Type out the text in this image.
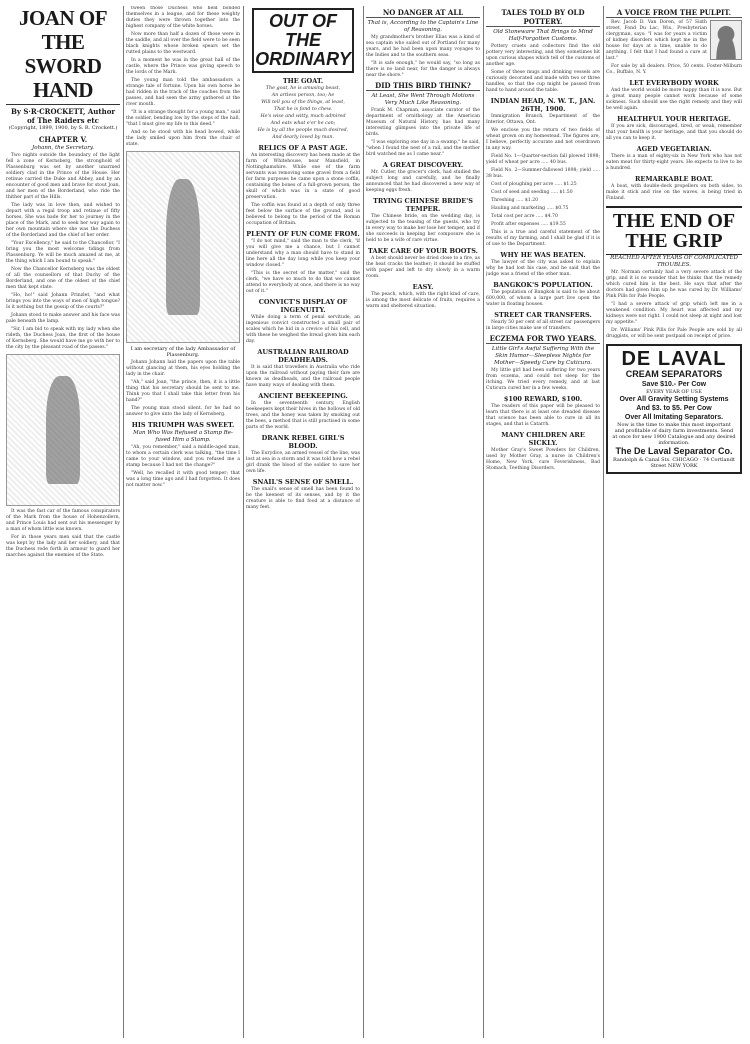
JOAN OF THE SWORD HAND
By S·R·CROCKETT, Author of The Raiders etc
(Copyright, 1899, 1900, by S. R. Crockett.)
CHAPTER V.
Johann, the Secretary.

Two nights outside the boundary of the light fell a zone of Kernsberg, the stronghold of Plassenburg was set by another unarmed soldiery clad in the Prince of the House. Her retinue carried the Duke and Abbey, and by an encounter of good men and brave for stout Joan, and her men of the Borderland, who ride the thither part of the Hills.

The lady was in love then, and wished to depart with a regal troop and retinue of fifty horses. She was bade for her to journey in the place of the Mark, and to seek her way again to her own mountain where she was the Duchess of the Borderland and the chief of her order.

"Your Excellency," he said to the Chancellor, "I bring you the most welcome tidings from Plassenburg. Ye will be much amazed at me, at the thing which I am bound to speak."

Now the Chancellor Kernsberg was the oldest of all the counsellors of that Duchy of the Borderland, and one of the oldest of the chief men that kept state.

"Ho, ho!" said Johann Prinzlet, "and what brings you into the ways of men of high tongue? Is it nothing but the gossip of the courts?"

Johann stood to make answer and his face was pale beneath the lamp.

"Sir, I am bid to speak with my lady when she rideth, the Duchess Joan, the first of the house of Kernsberg. She would have me go with her to the city by the pleasant road of the passes."

It was the fast car of the famous conspirators of the Mark from the house of Hohenzollern, and Prince Louis had sent out his messenger by a man of whom little was known.

For in those years men said that the castle was kept by the lady and her soldiery, and that the Duchess rode forth in armour to guard her marches against the enemies of the State.

tween those Duchess who held bonded themselves in a league, and for these weighty duties they were thrown together into the highest company of the white horses.

Now more than half a dozen of those were in the saddle, and all over the field were to be seen black knights whose broken spears set the rutted plains to the westward.

In a moment he was in the great hall of the castle, where the Prince was giving speech to the lords of the Mark.

The young man told the ambassadors a strange tale of fortune. Upon his own horse he had ridden in the track of the coaches from the passes, and had seen the army gathered at the river mouth.

"It is a strange thought for a young man," said the soldier, bending low by the steps of the hall, "that I must give my life to this deed."

And so he stood with his head bowed, while the lady smiled upon him from the chair of state.

I am secretary of the lady Ambassador of Plassenburg.

Johann Johann laid the papers upon the table without glancing at them, his eyes holding the lady in the chair.

"Ah," said Joan, "the prince, then, it is a little thing that his secretary should be sent to me. Think you that I shall take this letter from his hand?"

The young man stood silent, for he had no answer to give unto the lady of Kernsberg.

HIS TRIUMPH WAS SWEET.
Man Who Was Refused a Stamp Re-fused Him a Stamp.

"Ah, you remember," said a middle-aged man, to whom a certain clerk was talking, "the time I came to your window, and you refused me a stamp because I had not the change?"

"Well, he recalled it with good temper; that was a long time ago and I had forgotten. It does not matter now."

OUT OF THE ORDINARY
THE GOAT.
The goat, he is amusing beast,
An artless person, too; he
Will tell you of the things, at least,
That he is fond to chew.
He's wise and witty, much admired
And eats what e'er he can;
He is by all the people much desired,
And dearly loved by man.
RELICS OF A PAST AGE.

An interesting discovery has been made at the farm of Whitehouse, near Mansfield, in Nottinghamshire. While one of the farm servants was removing some gravel from a field for farm purposes he came upon a stone coffin, containing the bones of a full-grown person, the skull of which was in a state of good preservation.

The coffin was found at a depth of only three feet below the surface of the ground, and is believed to belong to the period of the Roman occupation of Britain.

PLENTY OF FUN COME FROM.

"I do not mind," said the man to the clerk, "if you will give me a chance, but I cannot understand why a man should have to stand in line here all the day long while you keep your window closed."

"This is the secret of the matter," said the clerk, "we have so much to do that we cannot attend to everybody at once, and there is no way out of it."

CONVICT'S DISPLAY OF INGENUITY.

While doing a term of penal servitude, an ingenious convict constructed a small pair of scales which he hid in a crevice of his cell, and with these he weighed the bread given him each day.

AUSTRALIAN RAILROAD DEADHEADS.

It is said that travellers in Australia who ride upon the railroad without paying their fare are known as deadheads, and the railroad people have many ways of dealing with them.

ANCIENT BEEKEEPING.

In the seventeenth century, English beekeepers kept their hives in the hollows of old trees, and the honey was taken by smoking out the bees, a method that is still practised in some parts of the world.

DRANK REBEL GIRL'S BLOOD.

The Eurydice, an armed vessel of the line, was lost at sea in a storm and it was told how a rebel girl drank the blood of the soldier to save her own life.

SNAIL'S SENSE OF SMELL.

The snail's sense of smell has been found to be the keenest of its senses, and by it the creature is able to find food at a distance of many feet.

NO DANGER AT ALL
That is, According to the Captain's Line of Reasoning.

My grandmother's brother Elias was a kind of sea captain who sailed out of Portland for many years, and he had been upon many voyages to the Indies and to the southern seas.

"It is safe enough," he would say, "so long as there is no land near, for the danger is always near the shore."

DID THIS BIRD THINK?
At Least, She Went Through Motions Very Much Like Reasoning.

Frank M. Chapman, associate curator of the department of ornithology at the American Museum of Natural History, has had many interesting glimpses into the private life of birds.

"I was exploring one day in a swamp," he said, "when I found the nest of a rail, and the mother bird watched me as I came near."

A GREAT DISCOVERY.

Mr. Cutler, the grocer's clerk, had studied the subject long and carefully, and he finally announced that he had discovered a new way of keeping eggs fresh.

TRYING CHINESE BRIDE'S TEMPER.

The Chinese bride, on the wedding day, is subjected to the teasing of the guests, who try in every way to make her lose her temper, and if she succeeds in keeping her composure she is held to be a wife of rare virtue.

TAKE CARE OF YOUR BOOTS.

A boot should never be dried close to a fire, as the heat cracks the leather; it should be stuffed with paper and left to dry slowly in a warm room.

EASY.

The peach, which, with the right kind of care, is among the most delicate of fruits, requires a warm and sheltered situation.

TALES TOLD BY OLD POTTERY.
Old Stoneware That Brings to Mind Half-Forgotten Customs.

Pottery cruets and collectors find the old pottery very interesting, and they sometimes hit upon curious shapes which tell of the customs of another age.

Some of these mugs and drinking vessels are curiously decorated and made with two or three handles, so that the cup might be passed from hand to hand around the table.

INDIAN HEAD, N. W. T., JAN. 26TH, 1900.

Immigration Branch, Department of the Interior, Ottawa, Ont.

We enclose you the return of two fields of wheat grown on my homestead. The figures are, I believe, perfectly accurate and not overdrawn in any way.

Field No. 1—Quarter-section fall plowed 1898; yield of wheat per acre ..... 40 bus.

Field No. 2—Summer-fallowed 1898; yield ..... 38 bus.

Cost of ploughing per acre ..... $1.25

Cost of seed and seeding ..... $1.50

Threshing ..... $1.20

Hauling and marketing ..... $0.75

Total cost per acre ..... $4.70

Profit after expenses ..... $19.55

This is a true and careful statement of the results of my farming, and I shall be glad if it is of use to the Department.

WHY HE WAS BEATEN.

The lawyer of the city was asked to explain why he had lost his case, and he said that the judge was a friend of the other man.

BANGKOK'S POPULATION.

The population of Bangkok is said to be about 600,000, of whom a large part live upon the water in floating houses.

STREET CAR TRANSFERS.

Nearly 50 per cent of all street car passengers in large cities make use of transfers.

ECZEMA FOR TWO YEARS.
Little Girl's Awful Suffering With the Skin Humor—Sleepless Nights for Mother—Speedy Cure by Cuticura.

My little girl had been suffering for two years from eczema, and could not sleep for the itching. We tried every remedy, and at last Cuticura cured her in a few weeks.

$100 REWARD, $100.

The readers of this paper will be pleased to learn that there is at least one dreaded disease that science has been able to cure in all its stages, and that is Catarrh.

MANY CHILDREN ARE SICKLY.

Mother Gray's Sweet Powders for Children, used by Mother Gray, a nurse in Children's Home, New York, cure Feverishness, Bad Stomach, Teething Disorders.

A VOICE FROM THE PULPIT.

Rev. Jacob D. Van Doren, of 57 Sixth street, Fond Du Lac, Wis., Presbyterian clergyman, says: "I was for years a victim of kidney disorders which kept me in the house for days at a time, unable to do anything. I felt that I had found a cure at last."

For sale by all dealers. Price, 50 cents. Foster-Milburn Co., Buffalo, N. Y.

LET EVERYBODY WORK

And the world would be more happy than it is now. But a great many people cannot work because of some sickness. Such should use the right remedy and they will be well again.

HEALTHFUL YOUR HERITAGE.

If you are sick, discouraged, tired, or weak, remember that your health is your heritage, and that you should do all you can to keep it.

AGED VEGETARIAN.

There is a man of eighty-six in New York who has not eaten meat for thirty-eight years. He expects to live to be a hundred.

REMARKABLE BOAT.

A boat, with double-deck propellers on both sides, to make it stick and rise on the waves, is being tried in Finland.

THE END OF THE GRIP
REACHED AFTER YEARS OF COMPLICATED TROUBLES.

Mr. Norman certainly had a very severe attack of the grip, and it is no wonder that he thinks that the remedy which cured him is the best. He says that after the doctors had given him up he was cured by Dr. Williams' Pink Pills for Pale People.

"I had a severe attack of grip which left me in a weakened condition. My heart was affected and my kidneys were not right. I could not sleep at night and lost my appetite."

Dr. Williams' Pink Pills for Pale People are sold by all druggists, or will be sent postpaid on receipt of price.

DE LAVAL
CREAM SEPARATORS
Save $10.- Per Cow
EVERY YEAR OF USE
Over All Gravity Setting Systems
And $3. to $5. Per Cow
Over All Imitating Separators.
Now is the time to make this most important and profitable of dairy farm investments. Send at once for new 1900 Catalogue and any desired information.
The De Laval Separator Co.
Randolph & Canal Sts. CHICAGO · 74 Cortlandt Street NEW YORK
